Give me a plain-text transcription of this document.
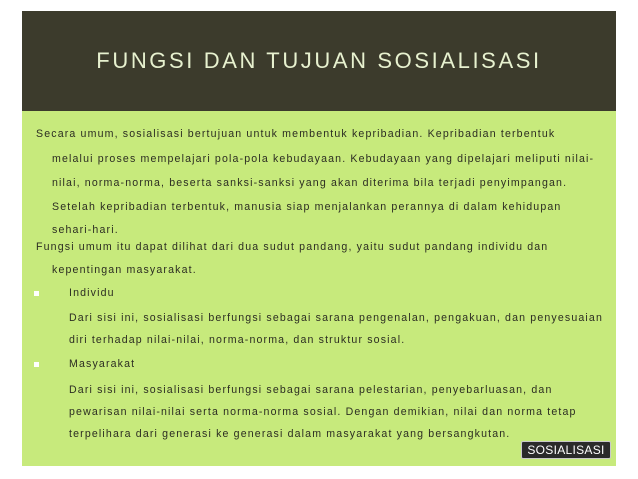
FUNGSI DAN TUJUAN SOSIALISASI
Secara umum, sosialisasi bertujuan untuk membentuk kepribadian. Kepribadian terbentuk
melalui proses mempelajari pola-pola kebudayaan. Kebudayaan yang dipelajari meliputi nilai-
nilai, norma-norma, beserta sanksi-sanksi yang akan diterima bila terjadi penyimpangan.
Setelah kepribadian terbentuk, manusia siap menjalankan perannya di dalam kehidupan
sehari-hari.
Fungsi umum itu dapat dilihat dari dua sudut pandang, yaitu sudut pandang individu dan
kepentingan masyarakat.
Individu
Dari sisi ini, sosialisasi berfungsi sebagai sarana pengenalan, pengakuan, dan penyesuaian
diri terhadap nilai-nilai, norma-norma, dan struktur sosial.
Masyarakat
Dari sisi ini, sosialisasi berfungsi sebagai sarana pelestarian, penyebarluasan, dan
pewarisan nilai-nilai serta norma-norma sosial. Dengan demikian, nilai dan norma tetap
terpelihara dari generasi ke generasi dalam masyarakat yang bersangkutan.
SOSIALISASI
